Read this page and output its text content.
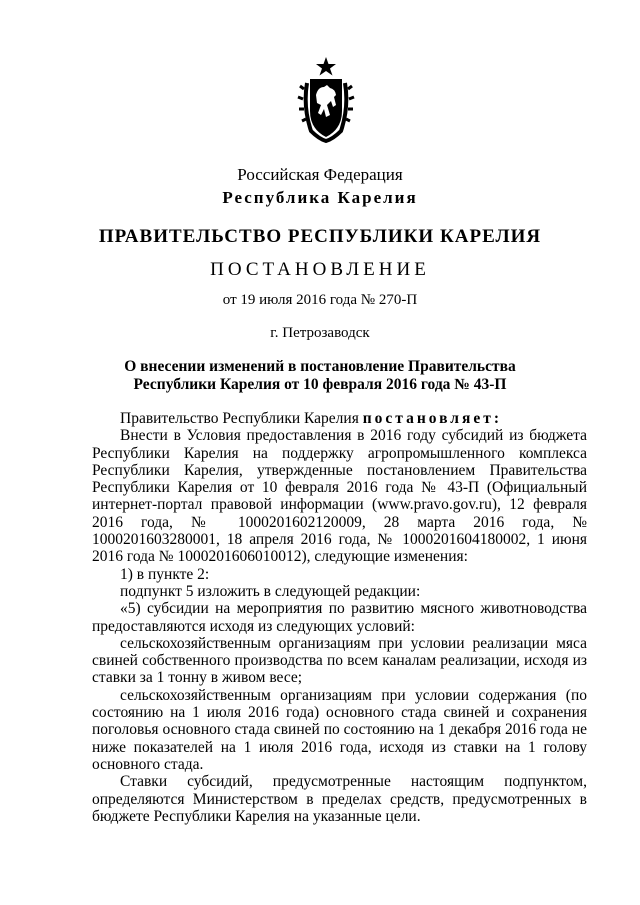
Российская Федерация
Республика Карелия
ПРАВИТЕЛЬСТВО РЕСПУБЛИКИ КАРЕЛИЯ
ПОСТАНОВЛЕНИЕ
от 19 июля 2016 года № 270-П
г. Петрозаводск
О внесении изменений в постановление Правительства
Республики Карелия от 10 февраля 2016 года № 43-П

Правительство Республики Карелия постановляет:

Внести в Условия предоставления в 2016 году субсидий из бюджета Республики Карелия на поддержку агропромышленного комплекса Республики Карелия, утвержденные постановлением Правительства Республики Карелия от 10 февраля 2016 года № 43-П (Официальный интернет-портал правовой информации (www.pravo.gov.ru), 12 февраля 2016 года, № 1000201602120009, 28 марта 2016 года, № 1000201603280001, 18 апреля 2016 года, № 1000201604180002, 1 июня 2016 года № 1000201606010012), следующие изменения:

1) в пункте 2:

подпункт 5 изложить в следующей редакции:

«5) субсидии на мероприятия по развитию мясного животноводства предоставляются исходя из следующих условий:

сельскохозяйственным организациям при условии реализации мяса свиней собственного производства по всем каналам реализации, исходя из ставки за 1 тонну в живом весе;

сельскохозяйственным организациям при условии содержания (по состоянию на 1 июля 2016 года) основного стада свиней и сохранения поголовья основного стада свиней по состоянию на 1 декабря 2016 года не ниже показателей на 1 июля 2016 года, исходя из ставки на 1 голову основного стада.

Ставки субсидий, предусмотренные настоящим подпунктом, определяются Министерством в пределах средств, предусмотренных в бюджете Республики Карелия на указанные цели.
